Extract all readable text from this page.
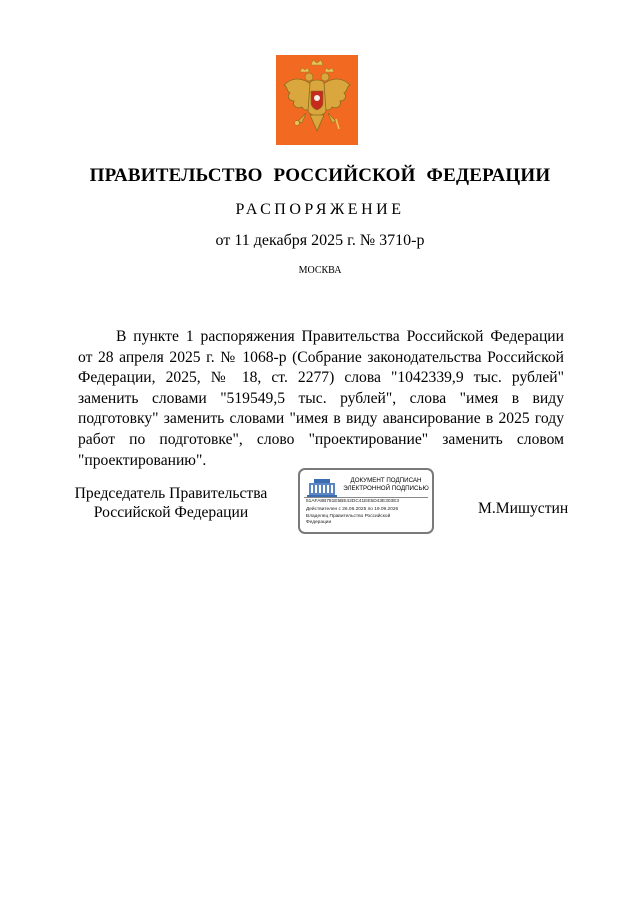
ПРАВИТЕЛЬСТВО РОССИЙСКОЙ ФЕДЕРАЦИИ
РАСПОРЯЖЕНИЕ
от 11 декабря 2025 г. № 3710-р
МОСКВА

В пункте 1 распоряжения Правительства Российской Федерации от 28 апреля 2025 г. № 1068-р (Собрание законодательства Российской Федерации, 2025, № 18, ст. 2277) слова "1042339,9 тыс. рублей" заменить словами "519549,5 тыс. рублей", слова "имея в виду подготовку" заменить словами "имея в виду авансирование в 2025 году работ по подготовке", слово "проектирование" заменить словом "проектированию".

Председатель Правительства
Российской Федерации
ДОКУМЕНТ ПОДПИСАН
ЭЛЕКТРОННОЙ ПОДПИСЬЮ
51AFA8B781E5BE42DC41EE5D43E303E3
Действителен с 26.06.2025 по 19.09.2026
Владелец Правительство Российской
Федерации
М.Мишустин
